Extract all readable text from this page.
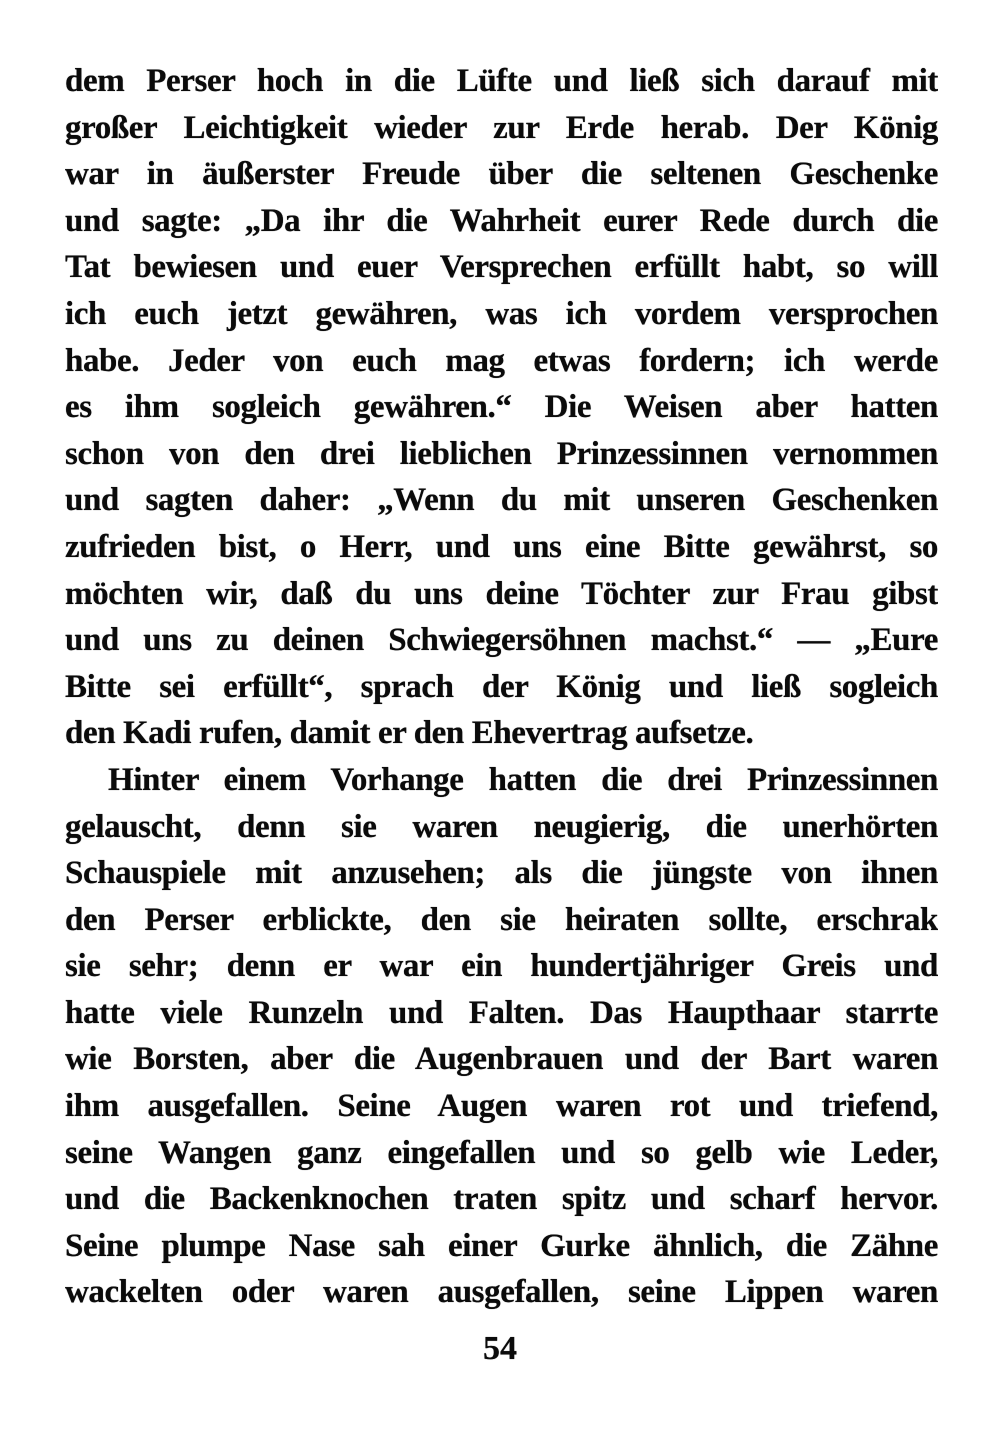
dem Perser hoch in die Lüfte und ließ sich darauf mit
großer Leichtigkeit wieder zur Erde herab. Der König
war in äußerster Freude über die seltenen Geschenke
und sagte: „Da ihr die Wahrheit eurer Rede durch die
Tat bewiesen und euer Versprechen erfüllt habt, so will
ich euch jetzt gewähren, was ich vordem versprochen
habe. Jeder von euch mag etwas fordern; ich werde
es ihm sogleich gewähren.“ Die Weisen aber hatten
schon von den drei lieblichen Prinzessinnen vernommen
und sagten daher: „Wenn du mit unseren Geschenken
zufrieden bist, o Herr, und uns eine Bitte gewährst, so
möchten wir, daß du uns deine Töchter zur Frau gibst
und uns zu deinen Schwiegersöhnen machst.“ — „Eure
Bitte sei erfüllt“, sprach der König und ließ sogleich
den Kadi rufen, damit er den Ehevertrag aufsetze.
Hinter einem Vorhange hatten die drei Prinzessinnen
gelauscht, denn sie waren neugierig, die unerhörten
Schauspiele mit anzusehen; als die jüngste von ihnen
den Perser erblickte, den sie heiraten sollte, erschrak
sie sehr; denn er war ein hundertjähriger Greis und
hatte viele Runzeln und Falten. Das Haupthaar starrte
wie Borsten, aber die Augenbrauen und der Bart waren
ihm ausgefallen. Seine Augen waren rot und triefend,
seine Wangen ganz eingefallen und so gelb wie Leder,
und die Backenknochen traten spitz und scharf hervor.
Seine plumpe Nase sah einer Gurke ähnlich, die Zähne
wackelten oder waren ausgefallen, seine Lippen waren
54
